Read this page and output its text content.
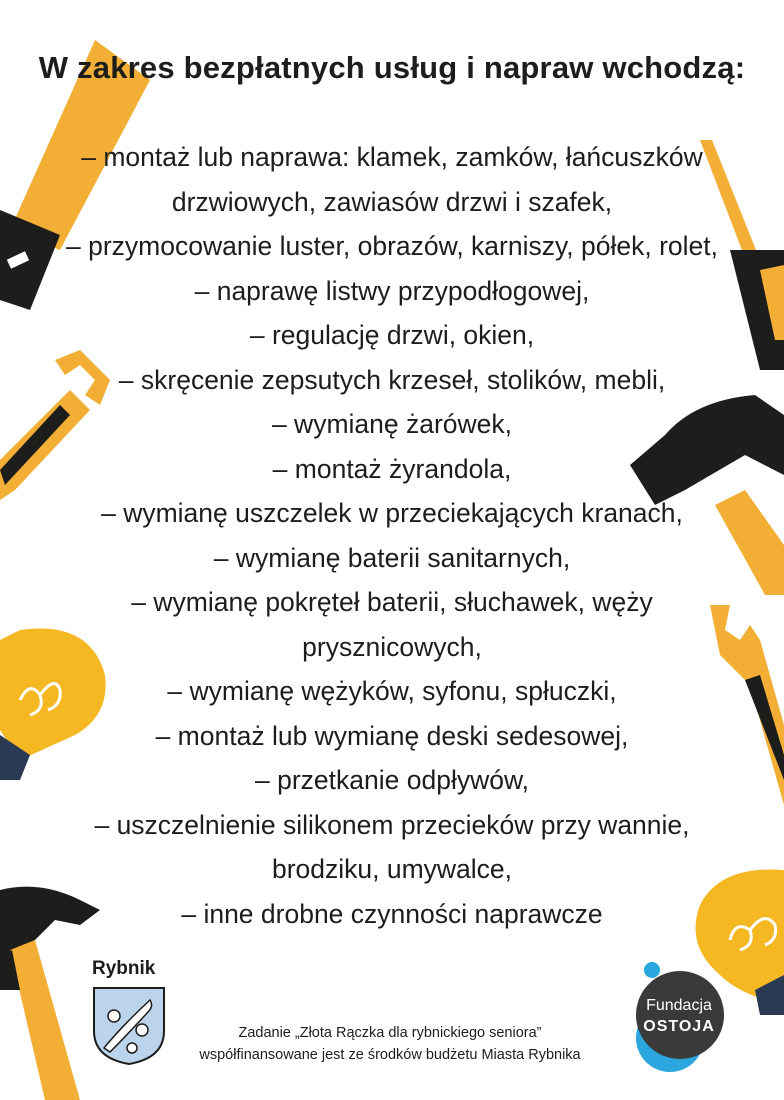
W zakres bezpłatnych usług i napraw wchodzą:
– montaż lub naprawa: klamek, zamków, łańcuszków
drzwiowych, zawiasów drzwi i szafek,
– przymocowanie luster, obrazów, karniszy, półek, rolet,
– naprawę listwy przypodłogowej,
– regulację drzwi, okien,
– skręcenie zepsutych krzeseł, stolików, mebli,
– wymianę żarówek,
– montaż żyrandola,
– wymianę uszczelek w przeciekających kranach,
– wymianę baterii sanitarnych,
– wymianę pokręteł baterii, słuchawek, węży
prysznicowych,
– wymianę wężyków, syfonu, spłuczki,
– montaż lub wymianę deski sedesowej,
– przetkanie odpływów,
– uszczelnienie silikonem przecieków przy wannie,
brodziku, umywalce,
– inne drobne czynności naprawcze
Rybnik
Zadanie „Złota Rączka dla rybnickiego seniora”
współfinansowane jest ze środków budżetu Miasta Rybnika
Fundacja
OSTOJA
